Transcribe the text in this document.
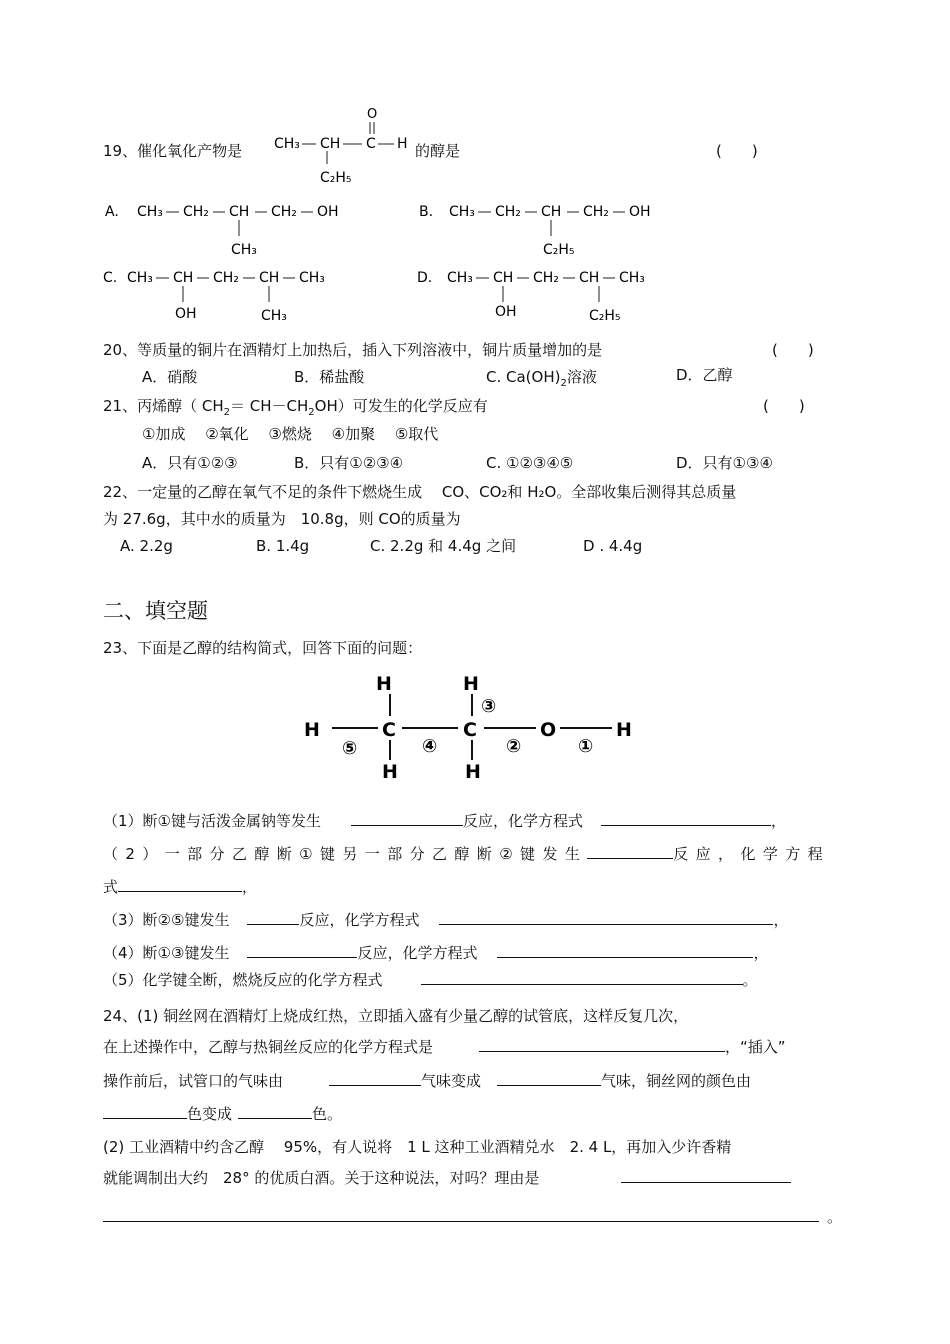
19、催化氧化产物是 CH₃ CH C H
O
C₂H₅
的醇是	(　　)
A. CH₃ CH₂ CH CH₂ OH
CH₃
B. CH₃ CH₂ CH CH₂ OH
C₂H₅
C. CH₃ CH CH₂ CH CH₃
OH	CH₃
D. CH₃ CH CH₂ CH CH₃
OH	C₂H₅
20、等质量的铜片在酒精灯上加热后，插入下列溶液中，铜片质量增加的是	(　　)
A．硝酸	B．稀盐酸	C. $Ca(OH)_2$溶液	D．乙醇
21、丙烯醇（ $CH_2= CH-CH_2OH$）可发生的化学反应有	(　　)
①加成　 ②氧化　 ③燃烧　 ④加聚　 ⑤取代
A．只有①②③	B．只有①②③④	C. ①②③④⑤	D．只有①③④
22、一定量的乙醇在氧气不足的条件下燃烧生成　 CO、CO₂和 H₂O。全部收集后测得其总质量
为 27.6g，其中水的质量为　10.8g，则 CO的质量为
A. 2.2g	B. 1.4g	C. 2.2g 和 4.4g 之间	D . 4.4g
二、填空题
23、下面是乙醇的结构简式，回答下面的问题：
H	H
H	C	C	O	H
H	H
⑤	④
③
②	①
（1）断①键与活泼金属钠等发生	反应，化学方程式	，
（2）一部分乙醇断①键另一部分乙醇断②键发生	反应，化学方程
式	，
（3）断②⑤键发生	反应，化学方程式	，
（4）断①③键发生	反应，化学方程式	，
（5）化学键全断，燃烧反应的化学方程式	。
24、(1) 铜丝网在酒精灯上烧成红热，立即插入盛有少量乙醇的试管底，这样反复几次，
在上述操作中，乙醇与热铜丝反应的化学方程式是	，“插入”
操作前后，试管口的气味由	气味变成	气味，铜丝网的颜色由
色变成	色。
(2) 工业酒精中约含乙醇　 95%，有人说将　1 L 这种工业酒精兑水　2. 4 L，再加入少许香精
就能调制出大约　28° 的优质白酒。关于这种说法，对吗？理由是
。
